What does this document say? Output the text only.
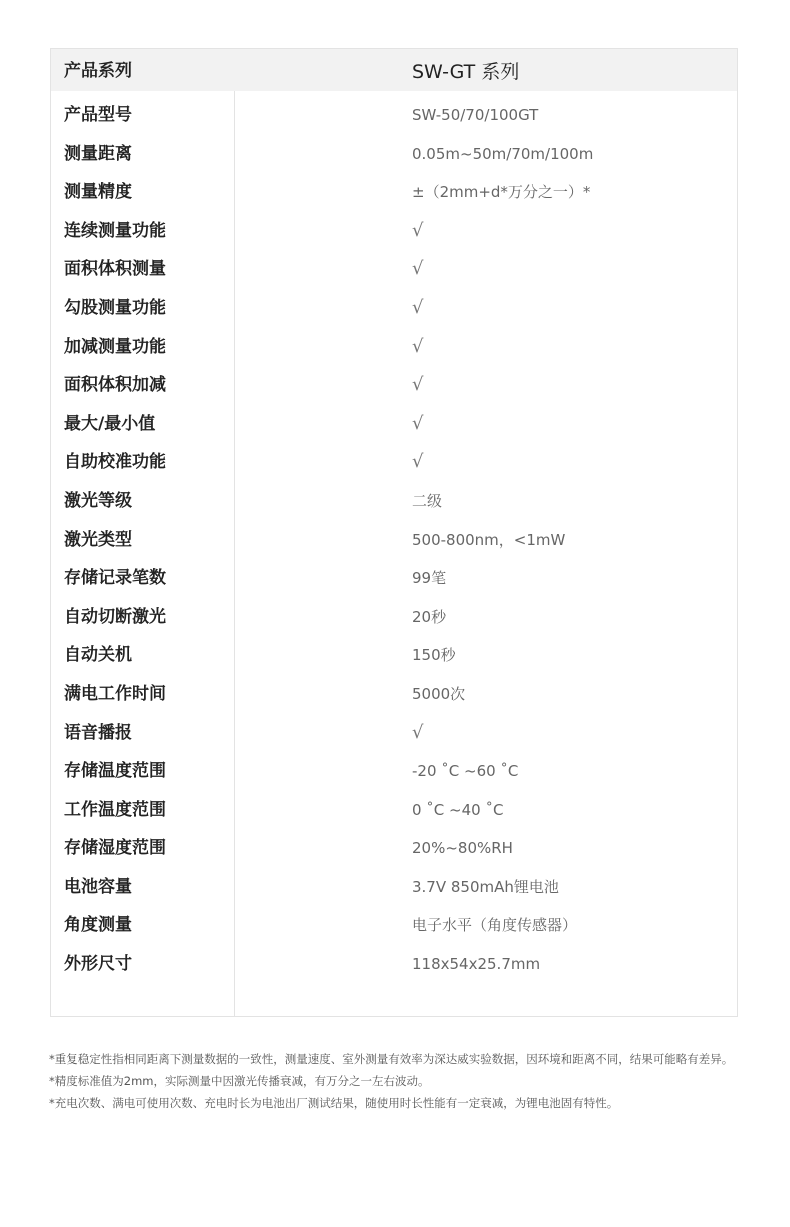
产品系列	SW-GT 系列
产品型号	SW-50/70/100GT
测量距离	0.05m~50m/70m/100m
测量精度	±（2mm+d*万分之一）*
连续测量功能	√
面积体积测量	√
勾股测量功能	√
加减测量功能	√
面积体积加减	√
最大/最小值	√
自助校准功能	√
激光等级	二级
激光类型	500-800nm，<1mW
存储记录笔数	99笔
自动切断激光	20秒
自动关机	150秒
满电工作时间	5000次
语音播报	√
存储温度范围	-20 ˚C ~60 ˚C
工作温度范围	0 ˚C ~40 ˚C
存储湿度范围	20%~80%RH
电池容量	3.7V 850mAh锂电池
角度测量	电子水平（角度传感器）
外形尺寸	118x54x25.7mm
*重复稳定性指相同距离下测量数据的一致性，测量速度、室外测量有效率为深达威实验数据，因环境和距离不同，结果可能略有差异。
*精度标准值为2mm，实际测量中因激光传播衰减，有万分之一左右波动。
*充电次数、满电可使用次数、充电时长为电池出厂测试结果，随使用时长性能有一定衰减，为锂电池固有特性。
